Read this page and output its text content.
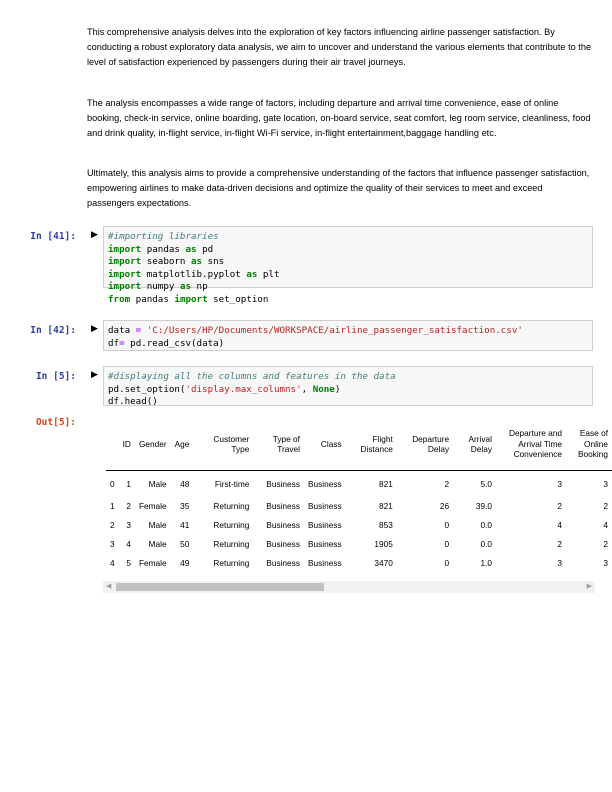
This comprehensive analysis delves into the exploration of key factors influencing airline passenger satisfaction. By conducting a robust exploratory data analysis, we aim to uncover and understand the various elements that contribute to the level of satisfaction experienced by passengers during their air travel journeys.

The analysis encompasses a wide range of factors, including departure and arrival time convenience, ease of online booking, check-in service, online boarding, gate location, on-board service, seat comfort, leg room service, cleanliness, food and drink quality, in-flight service, in-flight Wi-Fi service, in-flight entertainment,baggage handling etc.

Ultimately, this analysis aims to provide a comprehensive understanding of the factors that influence passenger satisfaction, empowering airlines to make data-driven decisions and optimize the quality of their services to meet and exceed passengers expectations.

In [41]: ▶	#importing libraries
import pandas as pd
import seaborn as sns
import matplotlib.pyplot as plt
import numpy as np
from pandas import set_option
In [42]: ▶	data = 'C:/Users/HP/Documents/WORKSPACE/airline_passenger_satisfaction.csv'
df= pd.read_csv(data)
In [5]: ▶	#displaying all the columns and features in the data
pd.set_option('display.max_columns', None)
df.head()
Out[5]:
	ID	Gender	Age	Customer Type	Type of Travel	Class	Flight Distance	Departure Delay	Arrival Delay	Departure and Arrival Time Convenience	Ease of Online Booking
0	1	Male	48	First-time	Business	Business	821	2	5.0	3	3
1	2	Female	35	Returning	Business	Business	821	26	39.0	2	2
2	3	Male	41	Returning	Business	Business	853	0	0.0	4	4
3	4	Male	50	Returning	Business	Business	1905	0	0.0	2	2
4	5	Female	49	Returning	Business	Business	3470	0	1.0	3	3
◀	▶
